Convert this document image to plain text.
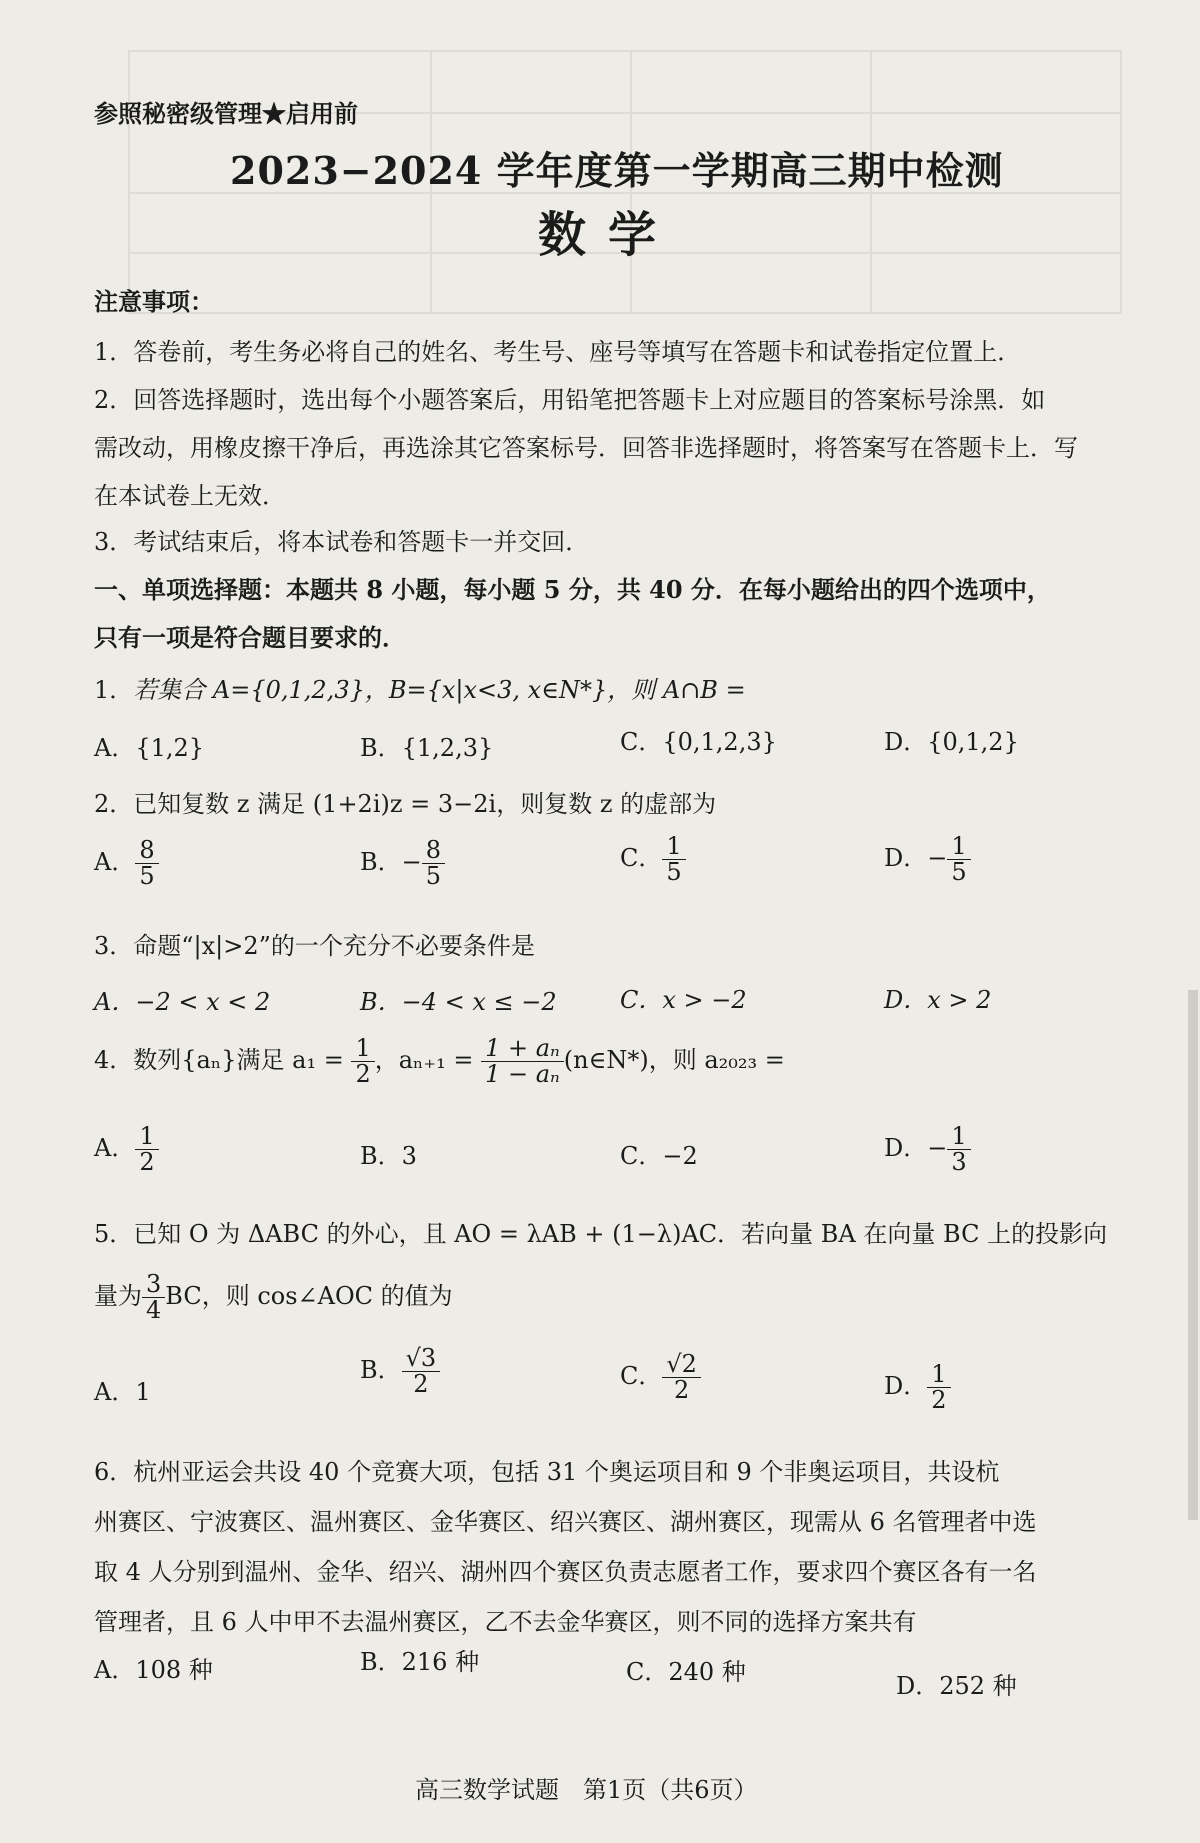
参照秘密级管理★启用前
2023−2024 学年度第一学期高三期中检测
数学
注意事项：
1．答卷前，考生务必将自己的姓名、考生号、座号等填写在答题卡和试卷指定位置上．
2．回答选择题时，选出每个小题答案后，用铅笔把答题卡上对应题目的答案标号涂黑．如
需改动，用橡皮擦干净后，再选涂其它答案标号．回答非选择题时，将答案写在答题卡上．写
在本试卷上无效．
3．考试结束后，将本试卷和答题卡一并交回．
一、单项选择题：本题共 8 小题，每小题 5 分，共 40 分．在每小题给出的四个选项中，
只有一项是符合题目要求的．
1．若集合 A={0,1,2,3}，B={x|x<3, x∈N*}，则 A∩B =
A．{1,2}	B．{1,2,3}	C．{0,1,2,3}	D．{0,1,2}
2．已知复数 z 满足 (1+2i)z = 3−2i，则复数 z 的虚部为
A． $\frac{8}{5}$	B．− $\frac{8}{5}$	C． $\frac{1}{5}$	D．− $\frac{1}{5}$
3．命题“|x|>2”的一个充分不必要条件是
A．−2 < x < 2	B．−4 < x ≤ −2	C．x > −2	D．x > 2
4．数列{aₙ}满足 $a_1 = \frac{1}{2}$ ，$a_{n+1} = \frac{\text{1 + aₙ}}{\text{1 − aₙ}}$ (n∈N*)，则 a₂₀₂₃ =
A． $\frac{1}{2}$	B．3	C．−2	D．− $\frac{1}{3}$
5．已知 O 为 ΔABC 的外心，且 AO = λAB + (1−λ)AC．若向量 BA 在向量 BC 上的投影向
量为 $\frac{3}{4}$ BC，则 cos∠AOC 的值为
A．1
B． $\frac{√3}{2}$	C． $\frac{√2}{2}$	D． $\frac{1}{2}$
6．杭州亚运会共设 40 个竞赛大项，包括 31 个奥运项目和 9 个非奥运项目，共设杭
州赛区、宁波赛区、温州赛区、金华赛区、绍兴赛区、湖州赛区，现需从 6 名管理者中选
取 4 人分别到温州、金华、绍兴、湖州四个赛区负责志愿者工作，要求四个赛区各有一名
管理者，且 6 人中甲不去温州赛区，乙不去金华赛区，则不同的选择方案共有
A．108 种	B．216 种	C．240 种	D．252 种
高三数学试题　第1页（共6页）
